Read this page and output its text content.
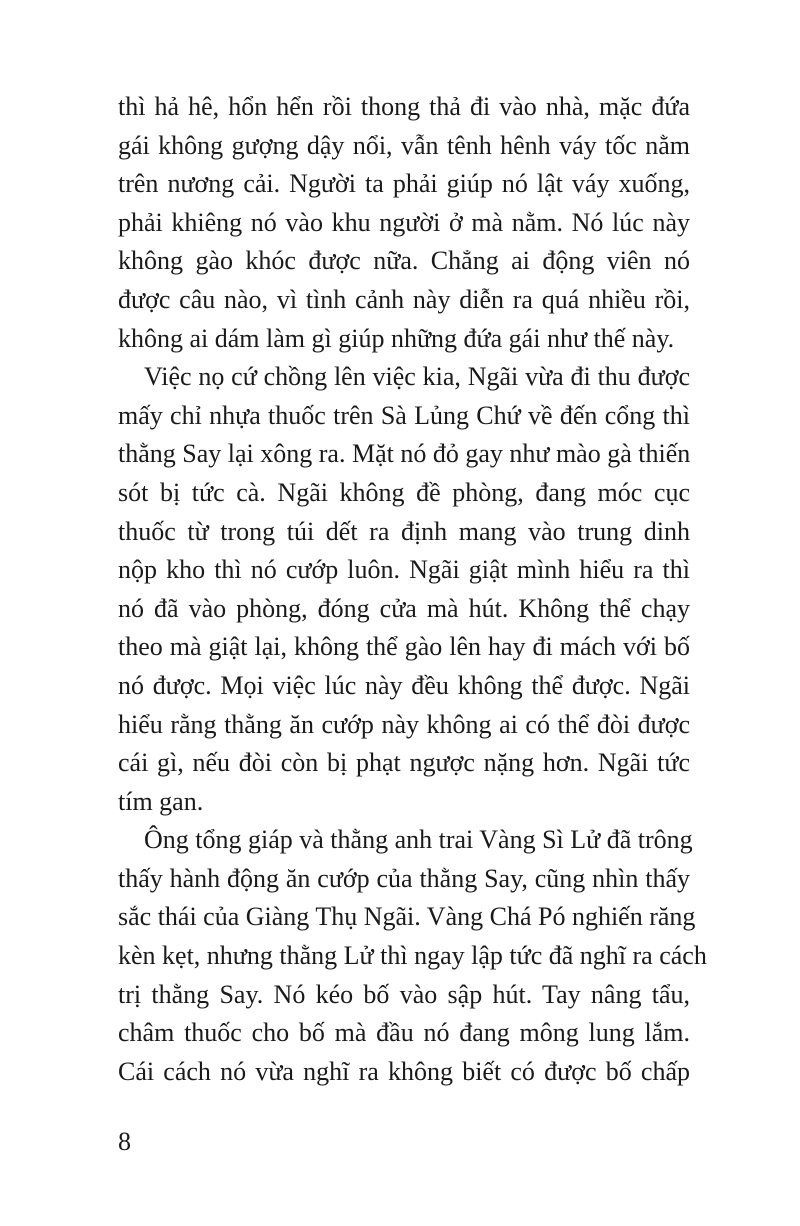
thì hả hê, hổn hển rồi thong thả đi vào nhà, mặc đứa
gái không gượng dậy nổi, vẫn tênh hênh váy tốc nằm
trên nương cải. Người ta phải giúp nó lật váy xuống,
phải khiêng nó vào khu người ở mà nằm. Nó lúc này
không gào khóc được nữa. Chẳng ai động viên nó
được câu nào, vì tình cảnh này diễn ra quá nhiều rồi,
không ai dám làm gì giúp những đứa gái như thế này.
Việc nọ cứ chồng lên việc kia, Ngãi vừa đi thu được
mấy chỉ nhựa thuốc trên Sà Lủng Chứ về đến cổng thì
thằng Say lại xông ra. Mặt nó đỏ gay như mào gà thiến
sót bị tức cà. Ngãi không đề phòng, đang móc cục
thuốc từ trong túi dết ra định mang vào trung dinh
nộp kho thì nó cướp luôn. Ngãi giật mình hiểu ra thì
nó đã vào phòng, đóng cửa mà hút. Không thể chạy
theo mà giật lại, không thể gào lên hay đi mách với bố
nó được. Mọi việc lúc này đều không thể được. Ngãi
hiểu rằng thằng ăn cướp này không ai có thể đòi được
cái gì, nếu đòi còn bị phạt ngược nặng hơn. Ngãi tức
tím gan.
Ông tổng giáp và thằng anh trai Vàng Sì Lử đã trông
thấy hành động ăn cướp của thằng Say, cũng nhìn thấy
sắc thái của Giàng Thụ Ngãi. Vàng Chá Pó nghiến răng
kèn kẹt, nhưng thằng Lử thì ngay lập tức đã nghĩ ra cách
trị thằng Say. Nó kéo bố vào sập hút. Tay nâng tẩu,
châm thuốc cho bố mà đầu nó đang mông lung lắm.
Cái cách nó vừa nghĩ ra không biết có được bố chấp
8
